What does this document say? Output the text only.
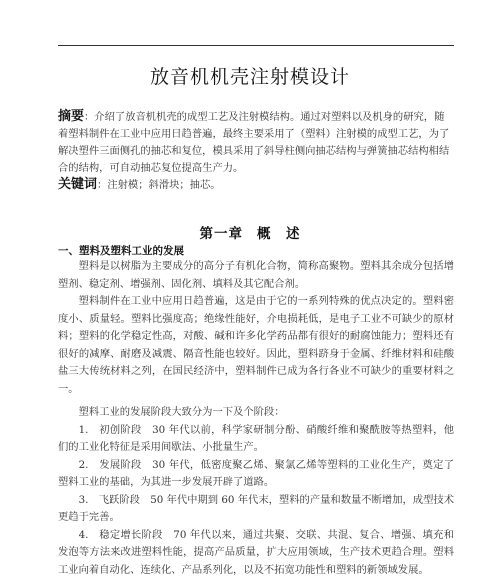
放音机机壳注射模设计
摘要：介绍了放音机机壳的成型工艺及注射模结构。通过对塑料以及机身的研究，随着塑料制件在工业中应用日趋普遍，最终主要采用了（塑料）注射模的成型工艺，为了解决塑件三面侧孔的抽芯和复位，模具采用了斜导柱侧向抽芯结构与弹簧抽芯结构相结合的结构，可自动抽芯复位提高生产力。
关键词：注射模；斜滑块；抽芯。
第一章 概　述
一、塑料及塑料工业的发展

塑料是以树脂为主要成分的高分子有机化合物，简称高聚物。塑料其余成分包括增塑剂、稳定剂、增强剂、固化剂、填料及其它配合剂。

塑料制件在工业中应用日趋普遍，这是由于它的一系列特殊的优点决定的。塑料密度小、质量轻。塑料比强度高；绝缘性能好，介电损耗低，是电子工业不可缺少的原材料；塑料的化学稳定性高，对酸、碱和许多化学药品都有很好的耐腐蚀能力；塑料还有很好的减摩、耐磨及减震、隔音性能也较好。因此，塑料跻身于金属、纤维材料和硅酸盐三大传统材料之列，在国民经济中，塑料制件已成为各行各业不可缺少的重要材料之一。

塑料工业的发展阶段大致分为一下及个阶段：

1.　初创阶段　30 年代以前，科学家研制分酚、硝酸纤维和聚酰胺等热塑料，他们的工业化特征是采用间歇法、小批量生产。

2.　发展阶段　30 年代，低密度聚乙烯、聚氯乙烯等塑料的工业化生产，奠定了塑料工业的基础，为其进一步发展开辟了道路。

3.　飞跃阶段　50 年代中期到 60 年代末，塑料的产量和数量不断增加，成型技术更趋于完善。

4.　稳定增长阶段　70 年代以来，通过共聚、交联、共混、复合、增强、填充和发泡等方法来改进塑料性能，提高产品质量，扩大应用领域，生产技术更趋合理。塑料工业向着自动化、连续化、产品系列化，以及不拓宽功能性和塑料的新领域发展。
